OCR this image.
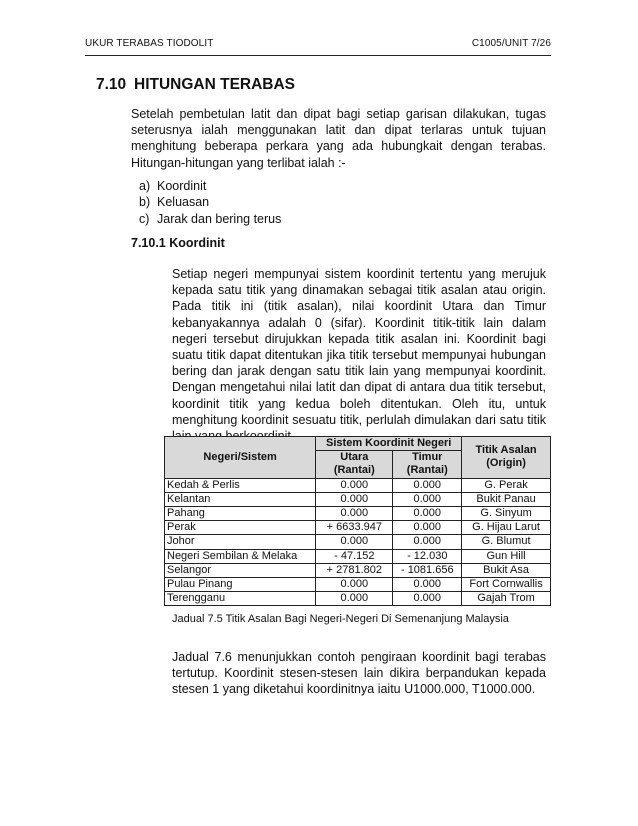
UKUR TERABAS TIODOLIT	C1005/UNIT 7/26
7.10 HITUNGAN TERABAS
Setelah pembetulan latit dan dipat bagi setiap garisan dilakukan, tugas seterusnya ialah menggunakan latit dan dipat terlaras untuk tujuan menghitung beberapa perkara yang ada hubungkait dengan terabas. Hitungan-hitungan yang terlibat ialah :-
a) Koordinit
b) Keluasan
c) Jarak dan bering terus
7.10.1 Koordinit
Setiap negeri mempunyai sistem koordinit tertentu yang merujuk kepada satu titik yang dinamakan sebagai titik asalan atau origin. Pada titik ini (titik asalan), nilai koordinit Utara dan Timur kebanyakannya adalah 0 (sifar). Koordinit titik-titik lain dalam negeri tersebut dirujukkan kepada titik asalan ini. Koordinit bagi suatu titik dapat ditentukan jika titik tersebut mempunyai hubungan bering dan jarak dengan satu titik lain yang mempunyai koordinit. Dengan mengetahui nilai latit dan dipat di antara dua titik tersebut, koordinit titik yang kedua boleh ditentukan. Oleh itu, untuk menghitung koordinit sesuatu titik, perlulah dimulakan dari satu titik
Negeri/Sistem	Sistem Koordinit Negeri		Titik Asalan
(Origin)
	Utara
(Rantai)	Timur
(Rantai)	
Kedah & Perlis	0.000	0.000	G. Perak
Kelantan	0.000	0.000	Bukit Panau
Pahang	0.000	0.000	G. Sinyum
Perak	+ 6633.947	0.000	G. Hijau Larut
Johor	0.000	0.000	G. Blumut
Negeri Sembilan & Melaka	- 47.152	- 12.030	Gun Hill
Selangor	+ 2781.802	- 1081.656	Bukit Asa
Pulau Pinang	0.000	0.000	Fort Cornwallis
Terengganu	0.000	0.000	Gajah Trom
Jadual 7.5 Titik Asalan Bagi Negeri-Negeri Di Semenanjung Malaysia
Jadual 7.6 menunjukkan contoh pengiraan koordinit bagi terabas tertutup. Koordinit stesen-stesen lain dikira berpandukan kepada stesen 1 yang diketahui koordinitnya iaitu U1000.000, T1000.000.
